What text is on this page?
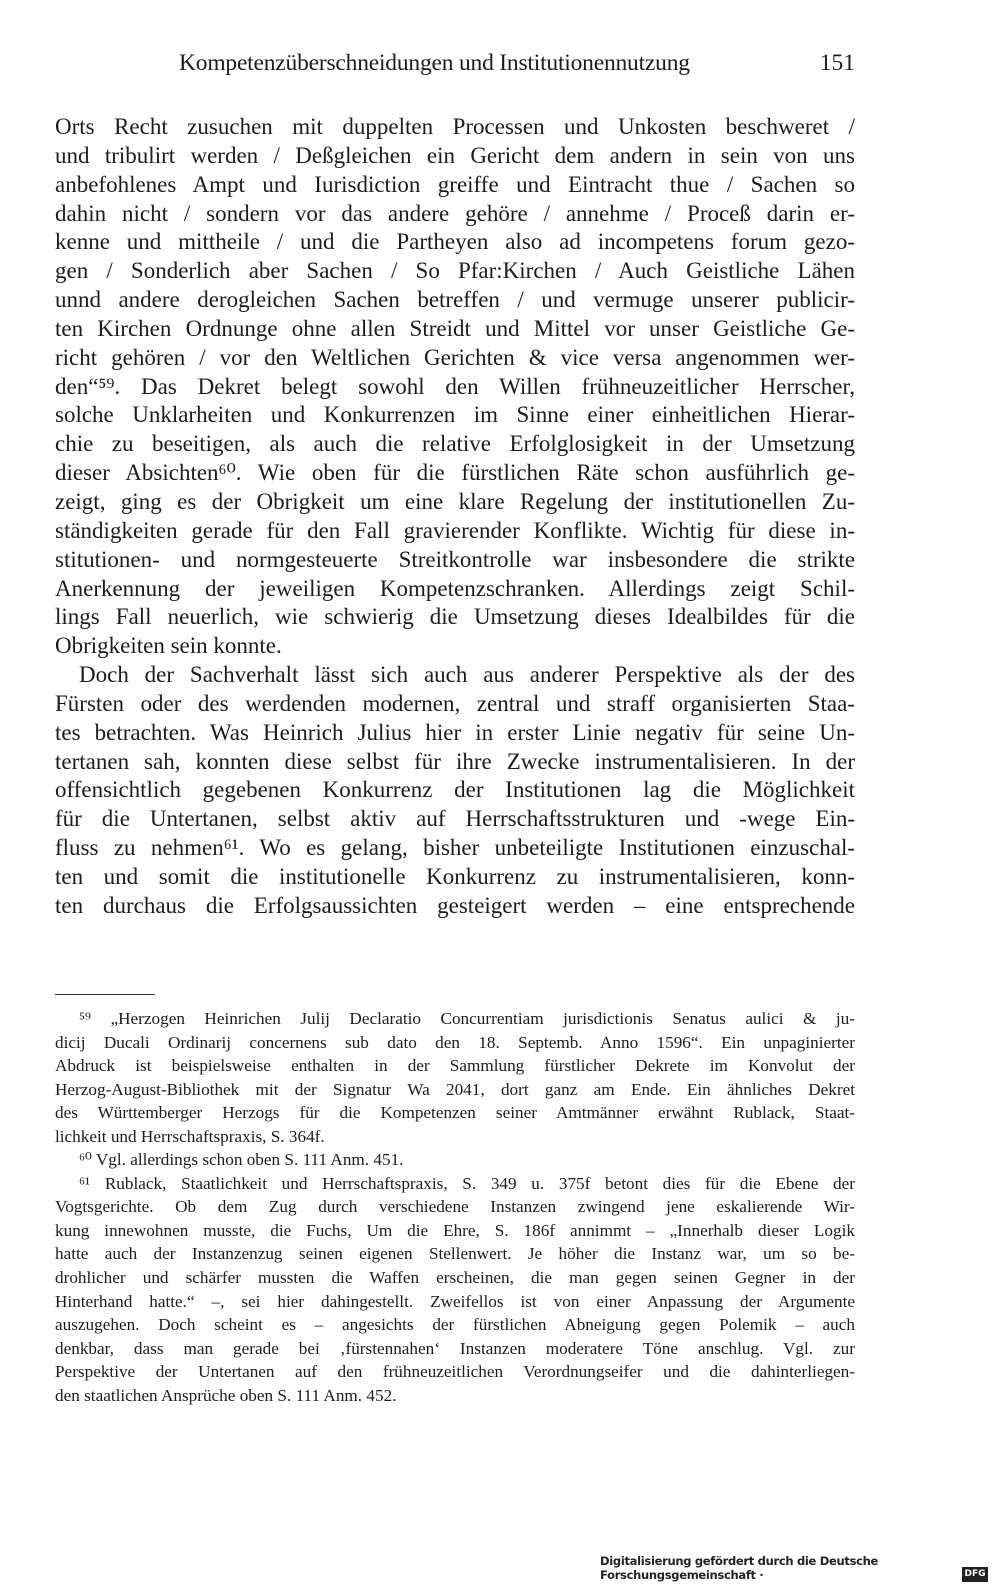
Kompetenzüberschneidungen und Institutionennutzung	151
Orts Recht zusuchen mit duppelten Processen und Unkosten beschweret /
und tribulirt werden / Deßgleichen ein Gericht dem andern in sein von uns
anbefohlenes Ampt und Iurisdiction greiffe und Eintracht thue / Sachen so
dahin nicht / sondern vor das andere gehöre / annehme / Proceß darin er-
kenne und mittheile / und die Partheyen also ad incompetens forum gezo-
gen / Sonderlich aber Sachen / So Pfar:Kirchen / Auch Geistliche Lähen
unnd andere derogleichen Sachen betreffen / und vermuge unserer publicir-
ten Kirchen Ordnunge ohne allen Streidt und Mittel vor unser Geistliche Ge-
richt gehören / vor den Weltlichen Gerichten & vice versa angenommen wer-
den“⁵⁹. Das Dekret belegt sowohl den Willen frühneuzeitlicher Herrscher,
solche Unklarheiten und Konkurrenzen im Sinne einer einheitlichen Hierar-
chie zu beseitigen, als auch die relative Erfolglosigkeit in der Umsetzung
dieser Absichten⁶⁰. Wie oben für die fürstlichen Räte schon ausführlich ge-
zeigt, ging es der Obrigkeit um eine klare Regelung der institutionellen Zu-
ständigkeiten gerade für den Fall gravierender Konflikte. Wichtig für diese in-
stitutionen- und normgesteuerte Streitkontrolle war insbesondere die strikte
Anerkennung der jeweiligen Kompetenzschranken. Allerdings zeigt Schil-
lings Fall neuerlich, wie schwierig die Umsetzung dieses Idealbildes für die
Obrigkeiten sein konnte.
Doch der Sachverhalt lässt sich auch aus anderer Perspektive als der des
Fürsten oder des werdenden modernen, zentral und straff organisierten Staa-
tes betrachten. Was Heinrich Julius hier in erster Linie negativ für seine Un-
tertanen sah, konnten diese selbst für ihre Zwecke instrumentalisieren. In der
offensichtlich gegebenen Konkurrenz der Institutionen lag die Möglichkeit
für die Untertanen, selbst aktiv auf Herrschaftsstrukturen und -wege Ein-
fluss zu nehmen⁶¹. Wo es gelang, bisher unbeteiligte Institutionen einzuschal-
ten und somit die institutionelle Konkurrenz zu instrumentalisieren, konn-
ten durchaus die Erfolgsaussichten gesteigert werden – eine entsprechende
⁵⁹ „Herzogen Heinrichen Julij Declaratio Concurrentiam jurisdictionis Senatus aulici & ju-
dicij Ducali Ordinarij concernens sub dato den 18. Septemb. Anno 1596“. Ein unpaginierter
Abdruck ist beispielsweise enthalten in der Sammlung fürstlicher Dekrete im Konvolut der
Herzog-August-Bibliothek mit der Signatur Wa 2041, dort ganz am Ende. Ein ähnliches Dekret
des Württemberger Herzogs für die Kompetenzen seiner Amtmänner erwähnt Rublack, Staat-
lichkeit und Herrschaftspraxis, S. 364f.
⁶⁰ Vgl. allerdings schon oben S. 111 Anm. 451.
⁶¹ Rublack, Staatlichkeit und Herrschaftspraxis, S. 349 u. 375f betont dies für die Ebene der
Vogtsgerichte. Ob dem Zug durch verschiedene Instanzen zwingend jene eskalierende Wir-
kung innewohnen musste, die Fuchs, Um die Ehre, S. 186f annimmt – „Innerhalb dieser Logik
hatte auch der Instanzenzug seinen eigenen Stellenwert. Je höher die Instanz war, um so be-
drohlicher und schärfer mussten die Waffen erscheinen, die man gegen seinen Gegner in der
Hinterhand hatte.“ –, sei hier dahingestellt. Zweifellos ist von einer Anpassung der Argumente
auszugehen. Doch scheint es – angesichts der fürstlichen Abneigung gegen Polemik – auch
denkbar, dass man gerade bei ‚fürstennahen‘ Instanzen moderatere Töne anschlug. Vgl. zur
Perspektive der Untertanen auf den frühneuzeitlichen Verordnungseifer und die dahinterliegen-
den staatlichen Ansprüche oben S. 111 Anm. 452.
Digitalisierung gefördert durch die Deutsche Forschungsgemeinschaft ·	DFG
